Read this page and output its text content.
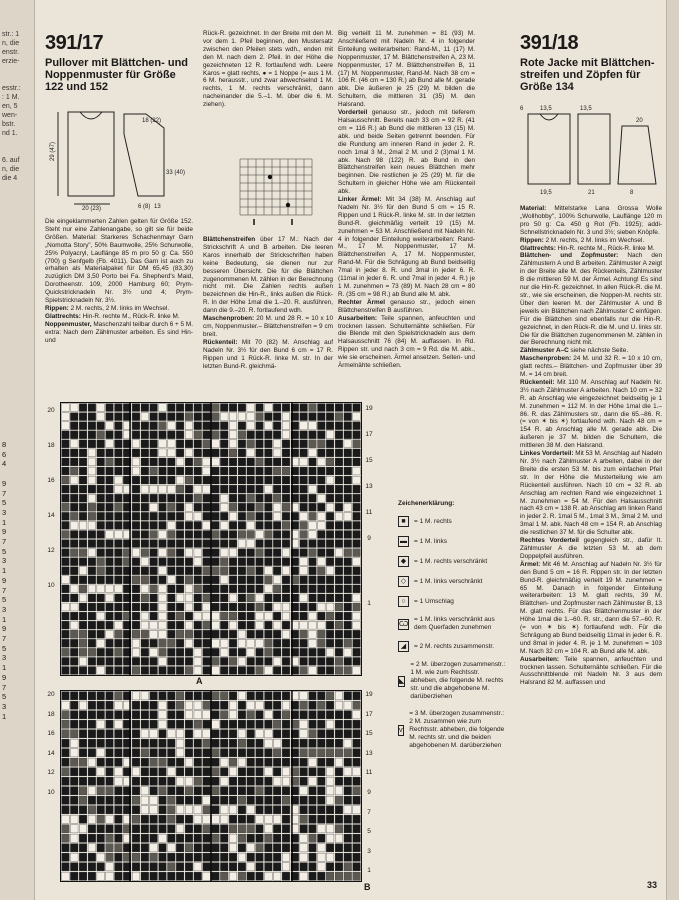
str.: 1
n, die
enstr.
erzie-

esstr.:
: 1 M.
en, 5
wen-
bstr.
nd 1.

6. auf
n, die
die 4
8
6
4

9
7
5
3
1
9
7
5
3
1
9
7
5
3
1
9
7
5
3
1
9
7
5
3
1
391/17
Pullover mit Blättchen- und Noppenmuster für Größe 122 und 152
29 (47)
20 (23)
18 (22)
6 (8)
33 (40)
13

Die eingeklammerten Zahlen gelten für Größe 152. Steht nur eine Zahlenangabe, so gilt sie für beide Größen. Material: Starkeres Schachenmayr Garn „Nomotta Story", 50% Baumwolle, 25% Schurwolle, 25% Polyacryl, Lauflänge 85 m pro 50 g: Ca. 550 (700) g Senfgelb (Fb. 4011). Das Garn ist auch zu erhalten als Materialpaket für DM 65,45 (83,30) zuzüglich DM 3,50 Porto bei Fa. Shepherd's Maid, Dorotheenstr. 109, 2000 Hamburg 60; Prym-Quickstricknadeln Nr. 3½ und 4; Prym-Spielstricknadeln Nr. 3½.

Rippen: 2 M. rechts, 2 M. links im Wechsel.

Glattrechts: Hin-R. rechte M., Rück-R. linke M.

Noppenmuster, Maschenzahl teilbar durch 6 + 5 M. extra: Nach dem Zählmuster arbeiten. Es sind Hin- und

Rück-R. gezeichnet. In der Breite mit den M. vor dem 1. Pfeil beginnen, den Mustersatz zwischen den Pfeilen stets wdh., enden mit den M. nach dem 2. Pfeil. In der Höhe die gezeichneten 12 R. fortlaufend wdh. Leere Karos = glatt rechts, ● = 1 Noppe (= aus 1 M. 6 M. herausstr., und zwar abwechselnd 1 M. rechts, 1 M. rechts verschränkt, dann nacheinander die 5.–1. M. über die 6. M. ziehen).

Blättchenstreifen über 17 M.: Nach der Strickschrift A und B arbeiten. Die leeren Karos innerhalb der Strickschriften haben keine Bedeutung, sie dienen nur zur besseren Übersicht. Die für die Blättchen zugenommenen M. zählen in der Berechnung nicht mit. Die Zahlen rechts außen bezeichnen die Hin-R., links außen die Rück-R. In der Höhe 1mal die 1.–20. R. ausführen, dann die 9.–20. R. fortlaufend wdh.

Maschenproben: 20 M. und 28 R. = 10 x 10 cm, Noppenmuster.– Blättchenstreifen = 9 cm breit.

Rückenteil: Mit 70 (82) M. Anschlag auf Nadeln Nr. 3½ für den Bund 6 cm = 17 R. Rippen und 1 Rück-R. linke M. str. In der letzten Bund-R. gleichmä-

Big verteilt 11 M. zunehmen = 81 (93) M. Anschließend mit Nadeln Nr. 4 in folgender Einteilung weiterarbeiten: Rand-M., 11 (17) M. Noppenmuster, 17 M. Blättchenstreifen A, 23 M. Noppenmuster, 17 M. Blättchenstreifen B, 11 (17) M. Noppenmuster, Rand-M. Nach 38 cm = 106 R. (46 cm = 130 R.) ab Bund alle M. gerade abk. Die äußeren je 25 (29) M. bilden die Schultern, die mittleren 31 (35) M. den Halsrand.

Vorderteil genauso str., jedoch mit tieferem Halsausschnitt. Bereits nach 33 cm = 92 R. (41 cm = 116 R.) ab Bund die mittleren 13 (15) M. abk. und beide Seiten getrennt beenden. Für die Rundung am inneren Rand in jeder 2. R. noch 1mal 3 M., 2mal 2 M. und 2 (3)mal 1 M. abk. Nach 98 (122) R. ab Bund in den Blättchenstreifen kein neues Blättchen mehr beginnen. Die restlichen je 25 (29) M. für die Schultern in gleicher Höhe wie am Rückenteil abk.

Linker Ärmel: Mit 34 (38) M. Anschlag auf Nadeln Nr. 3½ für den Bund 5 cm = 15 R. Rippen und 1 Rück-R. linke M. str. In der letzten Bund-R. gleichmäßig verteilt 19 (15) M. zunehmen = 53 M. Anschließend mit Nadeln Nr. 4 in folgender Einteilung weiterarbeiten: Rand-M., 17 M. Noppenmuster, 17 M. Blättchenstreifen A, 17 M. Noppenmuster, Rand-M. Für die Schrägung ab Bund beidseitig 7mal in jeder 8. R. und 3mal in jeder 6. R. (11mal in jeder 6. R. und 7mal in jeder 4. R.) je 1 M. zunehmen = 73 (89) M. Nach 28 cm = 80 R. (35 cm = 98 R.) ab Bund alle M. abk.

Rechter Ärmel genauso str., jedoch einen Blättchenstreifen B ausführen.

Ausarbeiten: Teile spannen, anfeuchten und trocknen lassen. Schulternähte schließen. Für die Blende mit den Spielstricknadeln aus dem Halsausschnitt 76 (84) M. auffassen. In Rd. Rippen str. und nach 3 cm = 9 Rd. die M. abk., wie sie erscheinen. Ärmel ansetzen. Seiten- und Ärmelnähte schließen.

Zeichenerklärung:
■	= 1 M. rechts
▬	= 1 M. links
◆	= 1 M. rechts verschränkt
◇	= 1 M. links verschränkt
○	= 1 Umschlag
Ѡ
= 1 M. links verschränkt aus dem Querfaden zunehmen
◢	= 2 M. rechts zusammenstr.
◣
= 2 M. überzogen zusammenstr.: 1 M. wie zum Rechtsstr. abheben, die folgende M. rechts str. und die abgehobene M. darüberziehen
ⱱ
= 3 M. überzogen zusammenstr.: 2 M. zusammen wie zum Rechtsstr. abheben, die folgende M. rechts str. und die beiden abgehobenen M. darüberziehen
20

18

16

14

12

10
19

17

15

13

11

9

1
A
20

18

16

14

12

10

19

17

15

13

11

9

7

5

3

1
B
391/18
Rote Jacke mit Blättchen- streifen und Zöpfen für Größe 134
6	13,5	13,5
20
19,5	21	8

Material: Mittelstarke Lana Grossa Wolle „Wollhobby", 100% Schurwolle, Lauflänge 120 m pro 50 g: Ca. 450 g Rot (Fb. 1925); addi-Schnellstricknadeln Nr. 3 und 3½; sieben Knöpfe.

Rippen: 2 M. rechts, 2 M. links im Wechsel.

Glattrechts: Hin-R. rechte M., Rück-R. linke M.

Blättchen- und Zopfmuster: Nach den Zählmustern A und B arbeiten. Zählmuster A zeigt in der Breite alle M. des Rückenteils, Zählmuster B die mittleren 59 M. der Ärmel. Achtung! Es sind nur die Hin-R. gezeichnet. In allen Rück-R. die M. str., wie sie erscheinen, die Noppen-M. rechts str. Über den leeren M. der Zählmuster A und B jeweils ein Blättchen nach Zählmuster C einfügen. Für die Blättchen sind ebenfalls nur die Hin-R. gezeichnet, in den Rück-R. die M. und U. links str. Die für die Blättchen zugenommenen M. zählen in der Berechnung nicht mit.

Zählmuster A–C siehe nächste Seite.

Maschenproben: 24 M. und 32 R. = 10 x 10 cm, glatt rechts.– Blättchen- und Zopfmuster über 39 M. = 14 cm breit.

Rückenteil: Mit 110 M. Anschlag auf Nadeln Nr. 3½ nach Zählmuster A arbeiten. Nach 10 cm = 32 R. ab Anschlag wie eingezeichnet beidseitig je 1 M. zunehmen = 112 M. In der Höhe 1mal die 1.–86. R. das Zählmusters str., dann die 65.–86. R. (= von ✶ bis ✶) fortlaufend wdh. Nach 48 cm = 154 R. ab Anschlag alle M. gerade abk. Die äußeren je 37 M. bilden die Schultern, die mittleren 38 M. den Halsrand.

Linkes Vorderteil: Mit 53 M. Anschlag auf Nadeln Nr. 3½ nach Zählmuster A arbeiten, dabei in der Breite die ersten 53 M. bis zum einfachen Pfeil str. In der Höhe die Musterteilung wie am Rückenteil ausführen. Nach 10 cm = 32 R. ab Anschlag am rechten Rand wie eingezeichnet 1 M. zunehmen = 54 M. Für den Halsausschnitt nach 43 cm = 138 R. ab Anschlag am linken Rand in jeder 2. R. 1mal 5 M., 1mal 3 M., 3mal 2 M. und 3mal 1 M. abk. Nach 48 cm = 154 R. ab Anschlag die restlichen 37 M. für die Schulter abk.

Rechtes Vorderteil gegengleich str., dafür lt. Zählmuster A die letzten 53 M. ab dem Doppelpfeil ausführen.

Ärmel: Mit 46 M. Anschlag auf Nadeln Nr. 3½ für den Bund 5 cm = 16 R. Rippen str. In der letzten Bund-R. gleichmäßig verteilt 19 M. zunehmen = 65 M. Danach in folgender Einteilung weiterarbeiten: 13 M. glatt rechts, 39 M. Blättchen- und Zopfmuster nach Zählmuster B, 13 M. glatt rechts. Für das Blättchenmuster in der Höhe 1mal die 1.–60. R. str., dann die 57.–60. R. (= von ✶ bis ✶) fortlaufend wdh. Für die Schrägung ab Bund beidseitig 11mal in jeder 6. R. und 8mal in jeder 4. R. je 1 M. zunehmen = 103 M. Nach 32 cm = 104 R. ab Bund alle M. abk.

Ausarbeiten: Teile spannen, anfeuchten und trocknen lassen. Schulternähte schließen. Für die Ausschnittblende mit Nadeln Nr. 3 aus dem Halsrand 82 M. auffassen und

33
